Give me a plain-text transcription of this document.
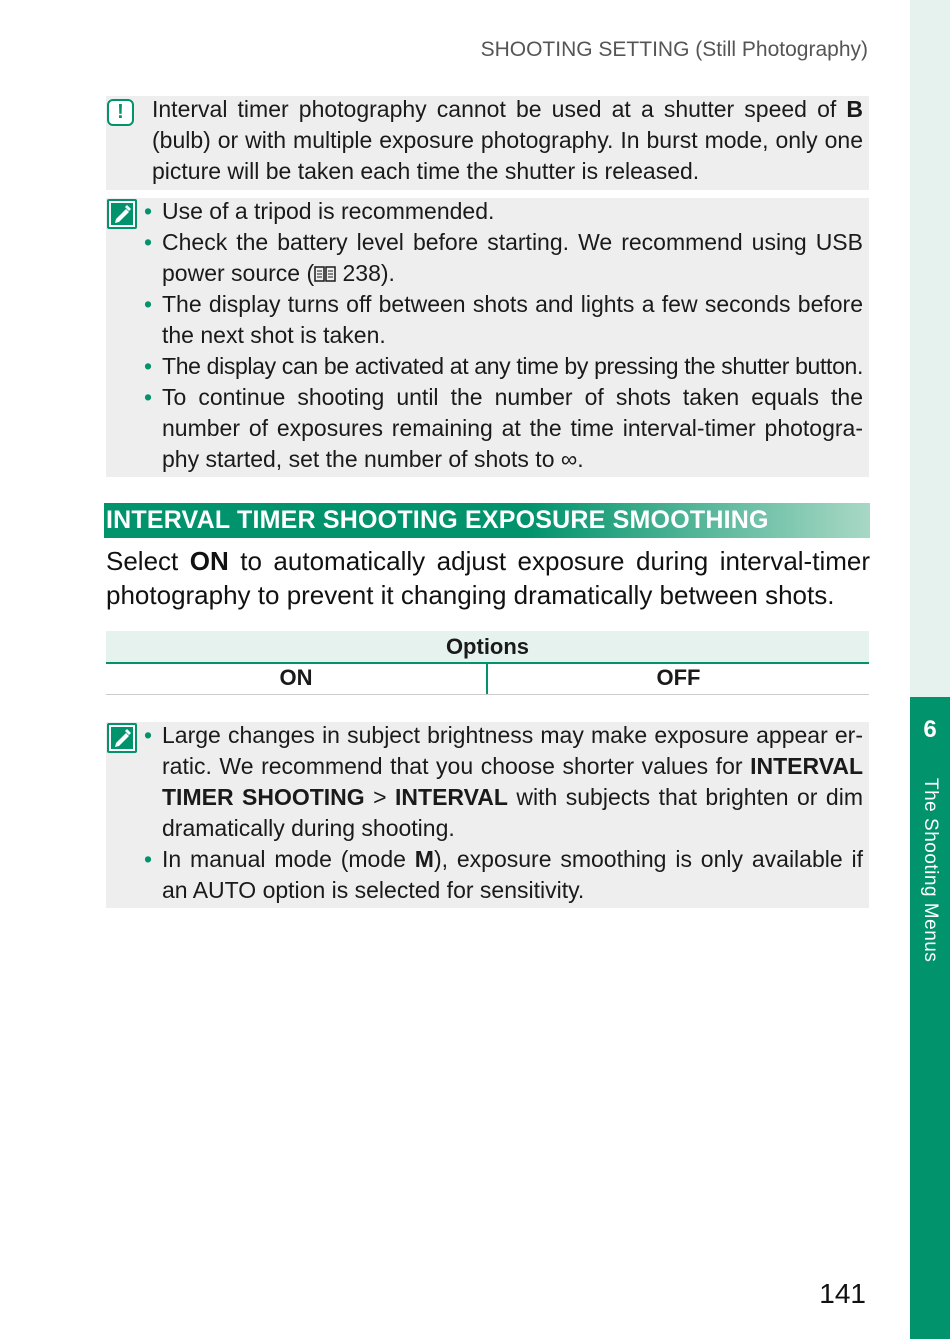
6
The Shooting Menus
SHOOTING SETTING (Still Photography)
!	Interval timer photography cannot be used at a shutter speed of B (bulb) or with multiple exposure photography. In burst mode, only one picture will be taken each time the shutter is released.

• Use of a tripod is recommended.
• Check the battery level before starting. We recommend using USB power source ( 238).
• The display turns off between shots and lights a few seconds before the next shot is taken.
• The display can be activated at any time by pressing the shutter button.
• To continue shooting until the number of shots taken equals the number of exposures remaining at the time interval-timer photography started, set the number of shots to ∞.
INTERVAL TIMER SHOOTING EXPOSURE SMOOTHING

Select ON to automatically adjust exposure during interval-timer photography to prevent it changing dramatically between shots.

Options
ON	OFF
• Large changes in subject brightness may make exposure appear erratic. We recommend that you choose shorter values for INTERVAL TIMER SHOOTING > INTERVAL with subjects that brighten or dim dramatically during shooting.
• In manual mode (mode M), exposure smoothing is only available if an AUTO option is selected for sensitivity.
141
